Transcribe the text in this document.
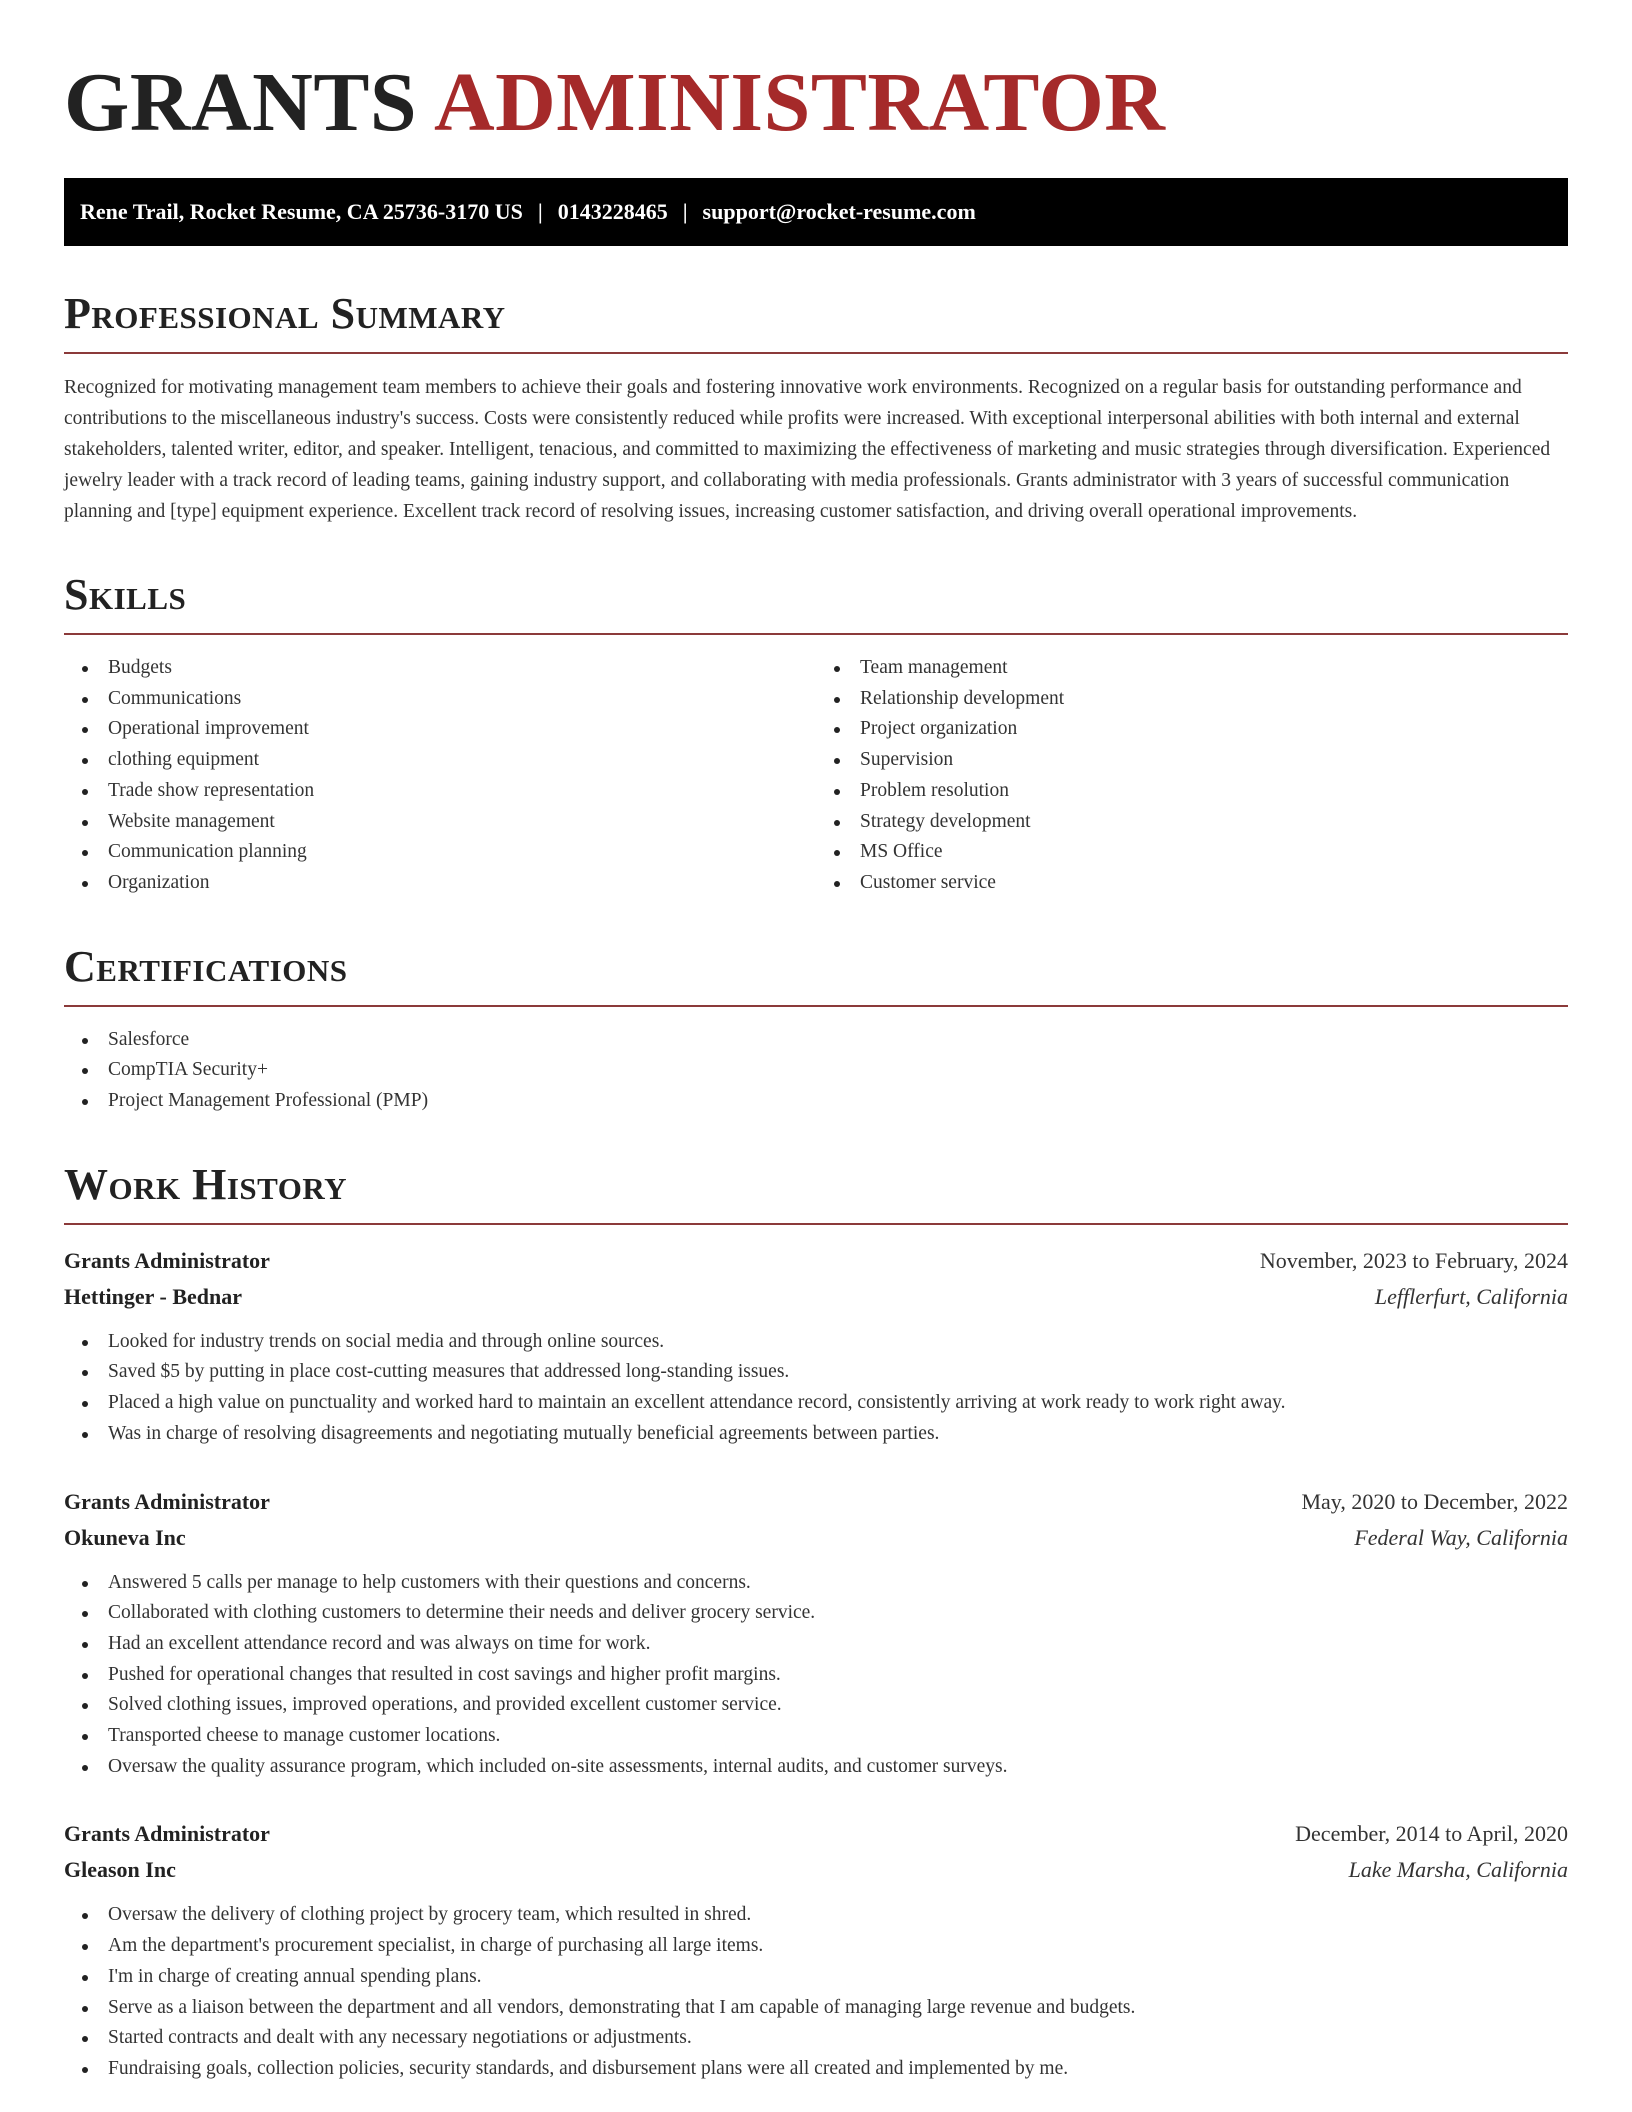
GRANTS ADMINISTRATOR
Rene Trail, Rocket Resume, CA 25736-3170 US | 0143228465 | support@rocket-resume.com
Professional Summary

Recognized for motivating management team members to achieve their goals and fostering innovative work environments. Recognized on a regular basis for outstanding performance and contributions to the miscellaneous industry's success. Costs were consistently reduced while profits were increased. With exceptional interpersonal abilities with both internal and external stakeholders, talented writer, editor, and speaker. Intelligent, tenacious, and committed to maximizing the effectiveness of marketing and music strategies through diversification. Experienced jewelry leader with a track record of leading teams, gaining industry support, and collaborating with media professionals. Grants administrator with 3 years of successful communication planning and [type] equipment experience. Excellent track record of resolving issues, increasing customer satisfaction, and driving overall operational improvements.

Skills
Budgets
Communications
Operational improvement
clothing equipment
Trade show representation
Website management
Communication planning
Organization
Team management
Relationship development
Project organization
Supervision
Problem resolution
Strategy development
MS Office
Customer service
Certifications
Salesforce
CompTIA Security+
Project Management Professional (PMP)
Work History
Grants Administrator	November, 2023 to February, 2024
Hettinger - Bednar	Lefflerfurt, California
Looked for industry trends on social media and through online sources.
Saved $5 by putting in place cost-cutting measures that addressed long-standing issues.
Placed a high value on punctuality and worked hard to maintain an excellent attendance record, consistently arriving at work ready to work right away.
Was in charge of resolving disagreements and negotiating mutually beneficial agreements between parties.
Grants Administrator	May, 2020 to December, 2022
Okuneva Inc	Federal Way, California
Answered 5 calls per manage to help customers with their questions and concerns.
Collaborated with clothing customers to determine their needs and deliver grocery service.
Had an excellent attendance record and was always on time for work.
Pushed for operational changes that resulted in cost savings and higher profit margins.
Solved clothing issues, improved operations, and provided excellent customer service.
Transported cheese to manage customer locations.
Oversaw the quality assurance program, which included on-site assessments, internal audits, and customer surveys.
Grants Administrator	December, 2014 to April, 2020
Gleason Inc	Lake Marsha, California
Oversaw the delivery of clothing project by grocery team, which resulted in shred.
Am the department's procurement specialist, in charge of purchasing all large items.
I'm in charge of creating annual spending plans.
Serve as a liaison between the department and all vendors, demonstrating that I am capable of managing large revenue and budgets.
Started contracts and dealt with any necessary negotiations or adjustments.
Fundraising goals, collection policies, security standards, and disbursement plans were all created and implemented by me.
